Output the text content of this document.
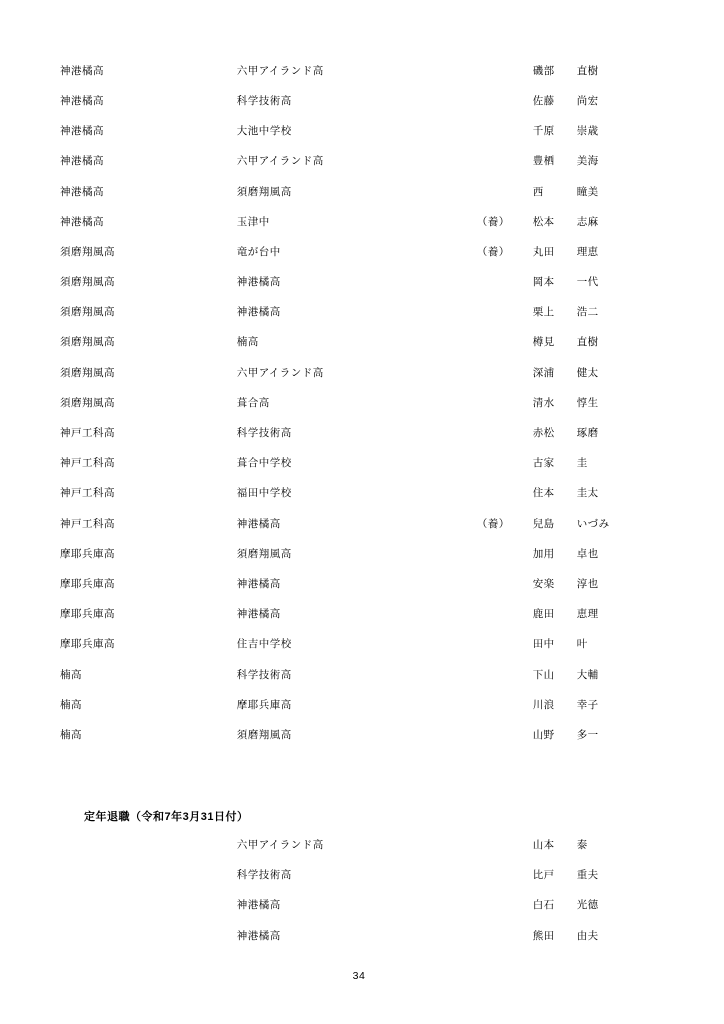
神港橘高	六甲アイランド高		磯部 直樹
神港橘高	科学技術高		佐藤 尚宏
神港橘高	大池中学校		千原 崇歳
神港橘高	六甲アイランド高		豊栖 美海
神港橘高	須磨翔風高		西 瞳美
神港橘高	玉津中	（養）	松本 志麻
須磨翔風高	竜が台中	（養）	丸田 理恵
須磨翔風高	神港橘高		岡本 一代
須磨翔風高	神港橘高		栗上 浩二
須磨翔風高	楠高		樽見 直樹
須磨翔風高	六甲アイランド高		深浦 健太
須磨翔風高	葺合高		清水 惇生
神戸工科高	科学技術高		赤松 琢磨
神戸工科高	葺合中学校		古家 圭
神戸工科高	福田中学校		住本 圭太
神戸工科高	神港橘高	（養）	兒島 いづみ
摩耶兵庫高	須磨翔風高		加用 卓也
摩耶兵庫高	神港橘高		安楽 淳也
摩耶兵庫高	神港橘高		鹿田 恵理
摩耶兵庫高	住吉中学校		田中 叶
楠高	科学技術高		下山 大輔
楠高	摩耶兵庫高		川浪 幸子
楠高	須磨翔風高		山野 多一
定年退職（令和7年3月31日付）
	六甲アイランド高		山本 泰
	科学技術高		比戸 重夫
	神港橘高		白石 光德
	神港橘高		熊田 由夫
34
